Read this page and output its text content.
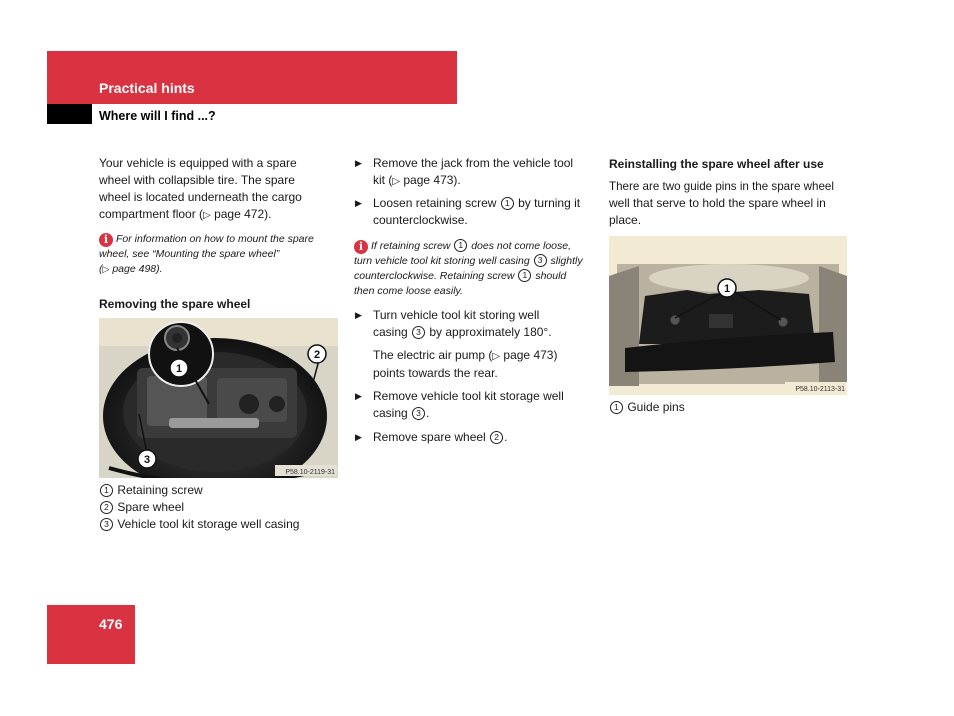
Practical hints
Where will I find ...?
Your vehicle is equipped with a spare
wheel with collapsible tire. The spare
wheel is located underneath the cargo
compartment floor (▷ page 472).
i For information on how to mount the spare
wheel, see “Mounting the spare wheel”
(▷ page 498).
Removing the spare wheel
1
2
3
P58.10-2119-31
1 Retaining screw
2 Spare wheel
3 Vehicle tool kit storage well casing
▶ Remove the jack from the vehicle tool
kit (▷ page 473).
▶ Loosen retaining screw 1 by turning it
counterclockwise.
i If retaining screw 1 does not come loose,
turn vehicle tool kit storing well casing 3 slightly
counterclockwise. Retaining screw 1 should
then come loose easily.
▶ Turn vehicle tool kit storing well
casing 3 by approximately 180°.
The electric air pump (▷ page 473)
points towards the rear.
▶ Remove vehicle tool kit storage well
casing 3 .
▶ Remove spare wheel 2 .
Reinstalling the spare wheel after use
There are two guide pins in the spare wheel
well that serve to hold the spare wheel in
place.
1
P58.10-2113-31
1 Guide pins
476
